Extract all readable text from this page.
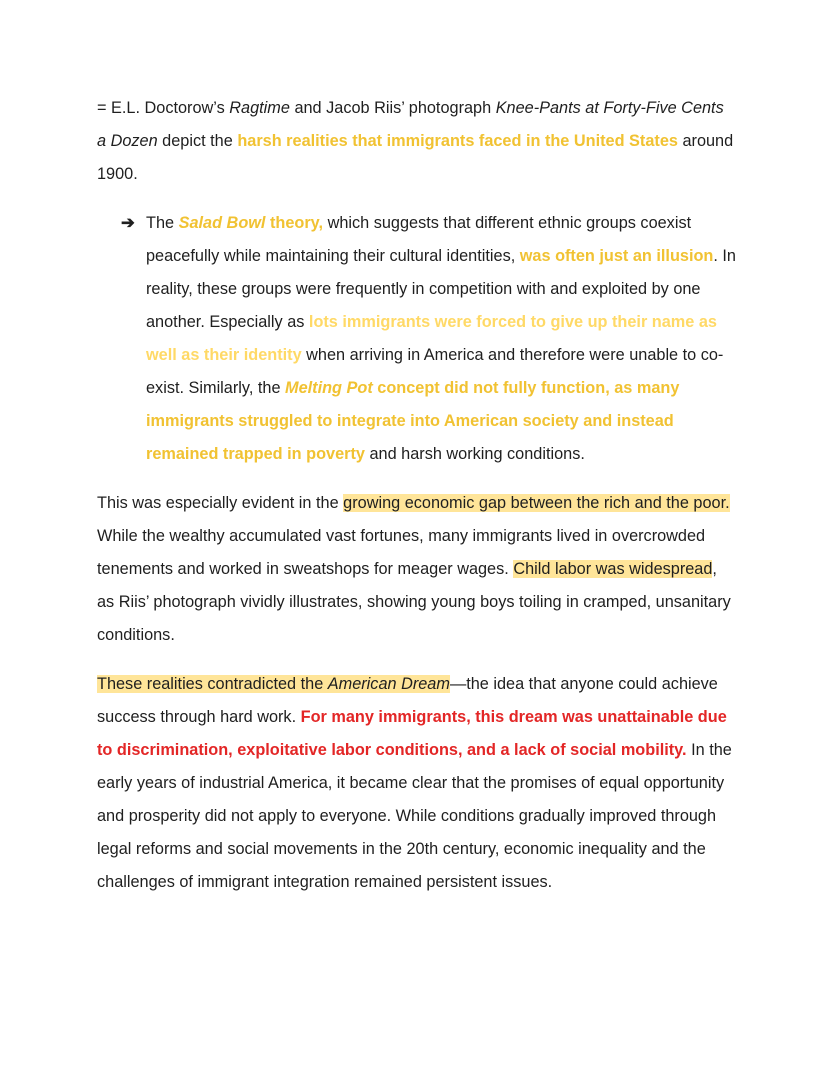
= E.L. Doctorow’s Ragtime and Jacob Riis’ photograph Knee-Pants at Forty-Five Cents a Dozen depict the harsh realities that immigrants faced in the United States around 1900.

➔ The Salad Bowl theory, which suggests that different ethnic groups coexist peacefully while maintaining their cultural identities, was often just an illusion. In reality, these groups were frequently in competition with and exploited by one another. Especially as lots immigrants were forced to give up their name as well as their identity when arriving in America and therefore were unable to co-exist. Similarly, the Melting Pot concept did not fully function, as many immigrants struggled to integrate into American society and instead remained trapped in poverty and harsh working conditions.

This was especially evident in the growing economic gap between the rich and the poor. While the wealthy accumulated vast fortunes, many immigrants lived in overcrowded tenements and worked in sweatshops for meager wages. Child labor was widespread, as Riis’ photograph vividly illustrates, showing young boys toiling in cramped, unsanitary conditions.

These realities contradicted the American Dream—the idea that anyone could achieve success through hard work. For many immigrants, this dream was unattainable due to discrimination, exploitative labor conditions, and a lack of social mobility. In the early years of industrial America, it became clear that the promises of equal opportunity and prosperity did not apply to everyone. While conditions gradually improved through legal reforms and social movements in the 20th century, economic inequality and the challenges of immigrant integration remained persistent issues.
